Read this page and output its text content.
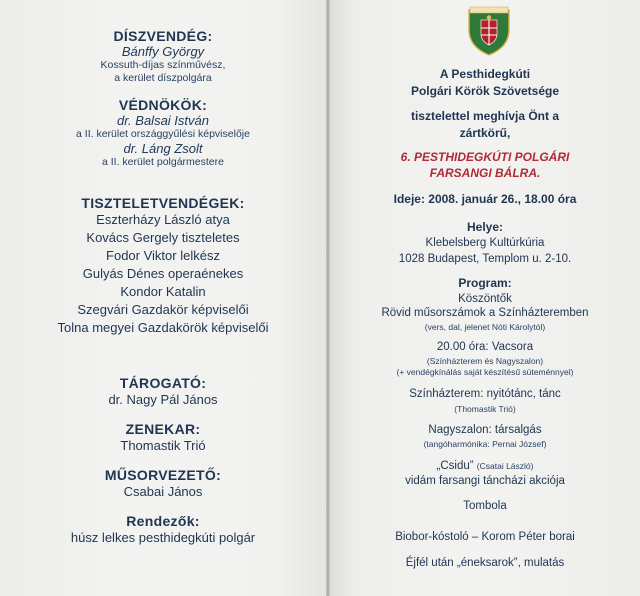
DÍSZVENDÉG:

Bánffy György

Kossuth-díjas színművész,

a kerület díszpolgára

VÉDNÖKÖK:

dr. Balsai István

a II. kerület országgyűlési képviselője

dr. Láng Zsolt

a II. kerület polgármestere

TISZTELETVENDÉGEK:

Eszterházy László atya

Kovács Gergely tiszteletes

Fodor Viktor lelkész

Gulyás Dénes operaénekes

Kondor Katalin

Szegvári Gazdakör képviselői

Tolna megyei Gazdakörök képviselői

TÁROGATÓ:

dr. Nagy Pál János

ZENEKAR:

Thomastik Trió

MŰSORVEZETŐ:

Csabai János

Rendezők:

húsz lelkes pesthidegkúti polgár

A Pesthidegkúti

Polgári Körök Szövetsége

tisztelettel meghívja Önt a

zártkörű,

6. PESTHIDEGKÚTI POLGÁRI

FARSANGI BÁLRA.

Ideje: 2008. január 26., 18.00 óra

Helye:

Klebelsberg Kultúrkúria

1028 Budapest, Templom u. 2-10.

Program:

Köszöntők

Rövid műsorszámok a Színházteremben

(vers, dal, jelenet Nóti Károlytól)

20.00 óra: Vacsora

(Színházterem és Nagyszalon)

(+ vendégkínálás saját készítésű süteménnyel)

Színházterem: nyitótánc, tánc

(Thomastik Trió)

Nagyszalon: társalgás

(tangóharmónika: Pernai József)

„Csidu” (Csatai László)

vidám farsangi táncházi akciója

Tombola

Biobor-kóstoló – Korom Péter borai

Éjfél után „éneksarok”, mulatás
